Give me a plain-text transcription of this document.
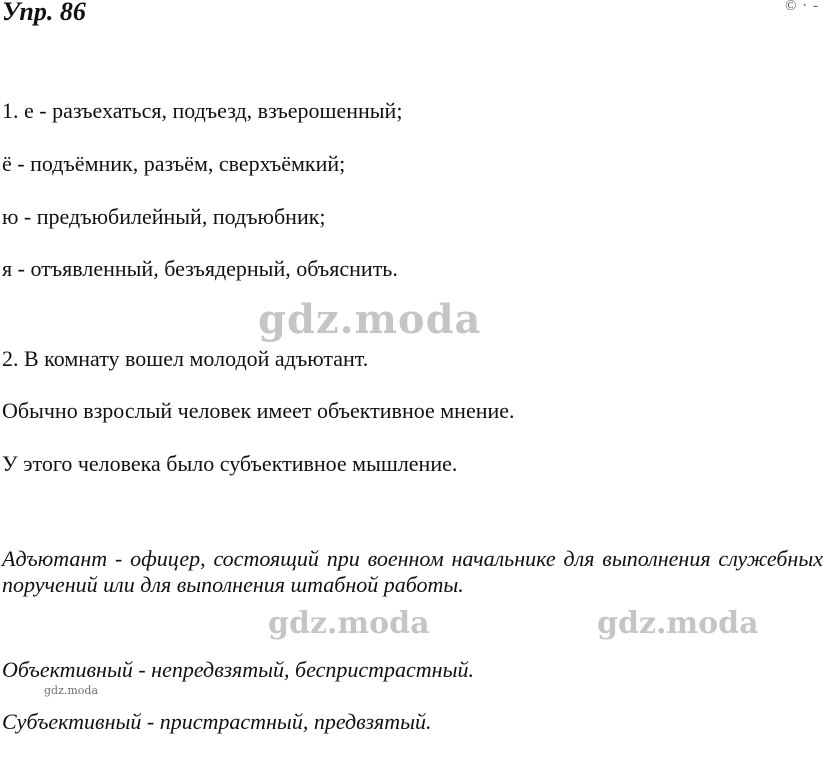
Упр. 86	© · -

1. е - разъехаться, подъезд, взъерошенный;

ё - подъёмник, разъём, сверхъёмкий;

ю - предъюбилейный, подъюбник;

я - отъявленный, безъядерный, объяснить.

2. В комнату вошел молодой адъютант.

Обычно взрослый человек имеет объективное мнение.

У этого человека было субъективное мышление.

Адъютант - офицер, состоящий при военном начальнике для выполнения служебных поручений или для выполнения штабной работы.

Объективный - непредвзятый, беспристрастный.

Субъективный - пристрастный, предвзятый.

gdz.moda
gdz.moda	gdz.moda
gdz.moda
